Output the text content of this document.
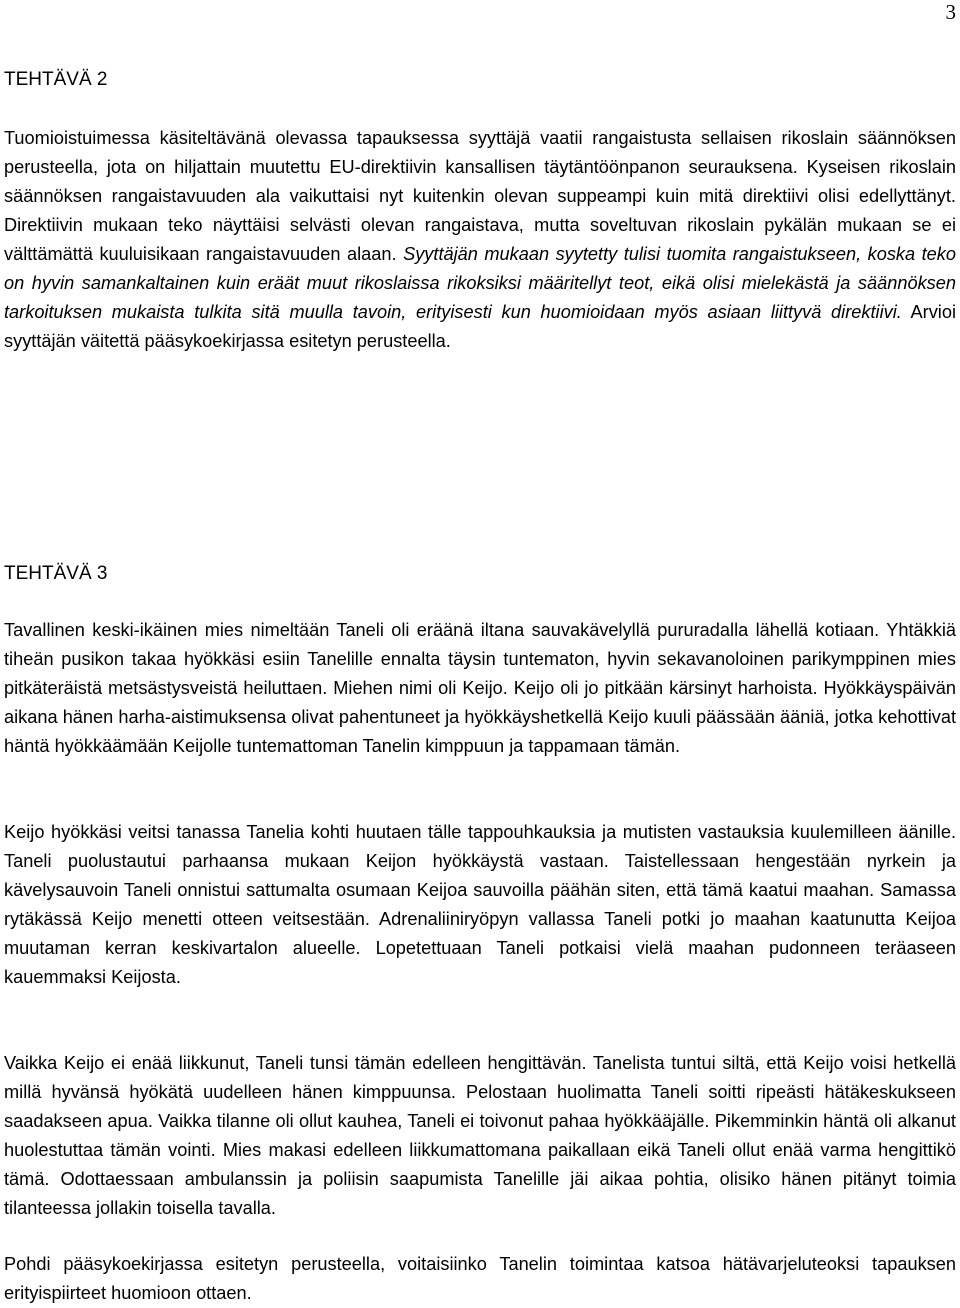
3
TEHTÄVÄ 2

Tuomioistuimessa käsiteltävänä olevassa tapauksessa syyttäjä vaatii rangaistusta sellaisen rikoslain säännöksen perusteella, jota on hiljattain muutettu EU-direktiivin kansallisen täytäntöönpanon seurauksena. Kyseisen rikoslain säännöksen rangaistavuuden ala vaikuttaisi nyt kuitenkin olevan suppeampi kuin mitä direktiivi olisi edellyttänyt. Direktiivin mukaan teko näyttäisi selvästi olevan rangaistava, mutta soveltuvan rikoslain pykälän mukaan se ei välttämättä kuuluisikaan rangaistavuuden alaan. Syyttäjän mukaan syytetty tulisi tuomita rangaistukseen, koska teko on hyvin samankaltainen kuin eräät muut rikoslaissa rikoksiksi määritellyt teot, eikä olisi mielekästä ja säännöksen tarkoituksen mukaista tulkita sitä muulla tavoin, erityisesti kun huomioidaan myös asiaan liittyvä direktiivi. Arvioi syyttäjän väitettä pääsykoekirjassa esitetyn perusteella.

TEHTÄVÄ 3

Tavallinen keski-ikäinen mies nimeltään Taneli oli eräänä iltana sauvakävelyllä pururadalla lähellä kotiaan. Yhtäkkiä tiheän pusikon takaa hyökkäsi esiin Tanelille ennalta täysin tuntematon, hyvin sekavanoloinen parikymppinen mies pitkäteräistä metsästysveistä heiluttaen. Miehen nimi oli Keijo. Keijo oli jo pitkään kärsinyt harhoista. Hyökkäyspäivän aikana hänen harha-aistimuksensa olivat pahentuneet ja hyökkäyshetkellä Keijo kuuli päässään ääniä, jotka kehottivat häntä hyökkäämään Keijolle tuntemattoman Tanelin kimppuun ja tappamaan tämän.

Keijo hyökkäsi veitsi tanassa Tanelia kohti huutaen tälle tappouhkauksia ja mutisten vastauksia kuulemilleen äänille. Taneli puolustautui parhaansa mukaan Keijon hyökkäystä vastaan. Taistellessaan hengestään nyrkein ja kävelysauvoin Taneli onnistui sattumalta osumaan Keijoa sauvoilla päähän siten, että tämä kaatui maahan. Samassa rytäkässä Keijo menetti otteen veitsestään. Adrenaliiniryöpyn vallassa Taneli potki jo maahan kaatunutta Keijoa muutaman kerran keskivartalon alueelle. Lopetettuaan Taneli potkaisi vielä maahan pudonneen teräaseen kauemmaksi Keijosta.

Vaikka Keijo ei enää liikkunut, Taneli tunsi tämän edelleen hengittävän. Tanelista tuntui siltä, että Keijo voisi hetkellä millä hyvänsä hyökätä uudelleen hänen kimppuunsa. Pelostaan huolimatta Taneli soitti ripeästi hätäkeskukseen saadakseen apua. Vaikka tilanne oli ollut kauhea, Taneli ei toivonut pahaa hyökkääjälle. Pikemminkin häntä oli alkanut huolestuttaa tämän vointi. Mies makasi edelleen liikkumattomana paikallaan eikä Taneli ollut enää varma hengittikö tämä. Odottaessaan ambulanssin ja poliisin saapumista Tanelille jäi aikaa pohtia, olisiko hänen pitänyt toimia tilanteessa jollakin toisella tavalla.

Pohdi pääsykoekirjassa esitetyn perusteella, voitaisiinko Tanelin toimintaa katsoa hätävarjeluteoksi tapauksen erityispiirteet huomioon ottaen.
